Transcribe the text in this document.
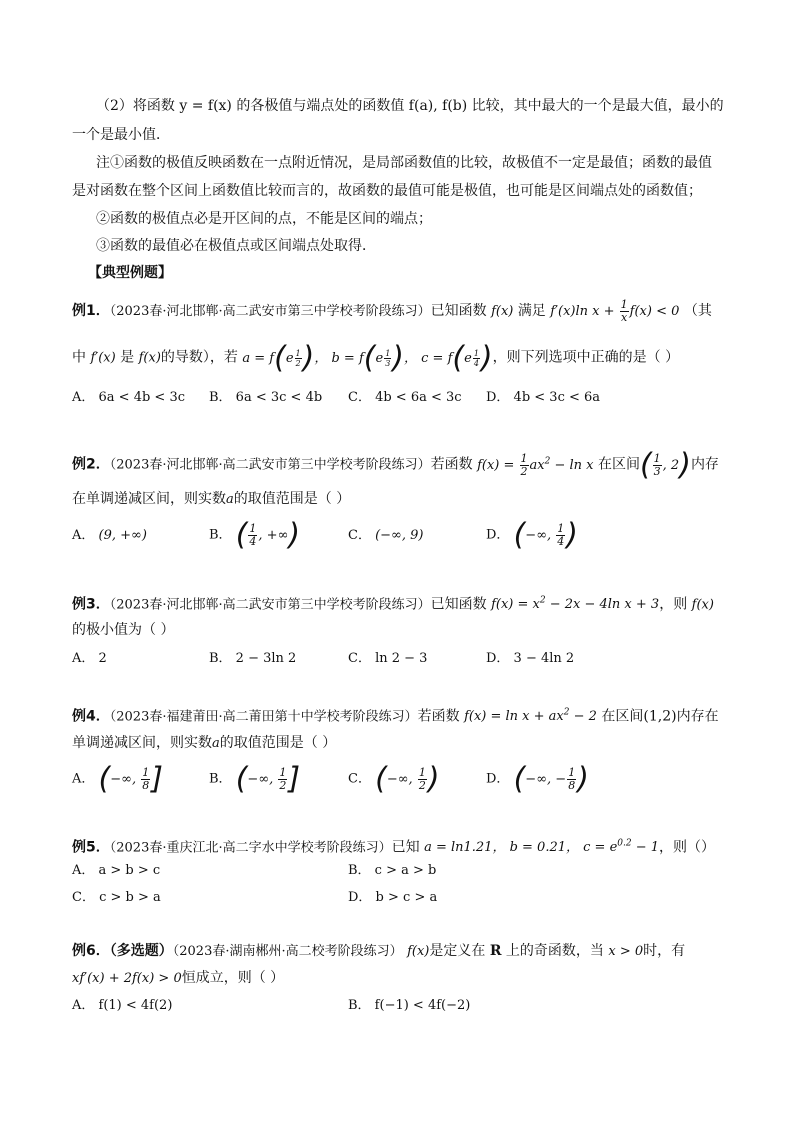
（2）将函数 y = f(x) 的各极值与端点处的函数值 f(a), f(b) 比较，其中最大的一个是最大值，最小的
一个是最小值．
注①函数的极值反映函数在一点附近情况，是局部函数值的比较，故极值不一定是最值；函数的最值
是对函数在整个区间上函数值比较而言的，故函数的最值可能是极值，也可能是区间端点处的函数值；
②函数的极值点必是开区间的点，不能是区间的端点；
③函数的最值必在极值点或区间端点处取得．
【典型例题】
例1．（2023春·河北邯郸·高二武安市第三中学校考阶段练习）已知函数 f(x) 满足 f′(x)ln $x + \frac{1}{x} f(x) < 0$ （其
中 f′(x) 是 f(x)的导数），若 $a = f(e \frac{1}{2}$ )， $b = f(e \frac{1}{3}$ )， $c = f(e \frac{1}{4}$ )，则下列选项中正确的是（ ）
A． 6a < 4b < 3c B． 6a < 3c < 4b C． 4b < 6a < 3c D． 4b < 3c < 6a
例2．（2023春·河北邯郸·高二武安市第三中学校考阶段练习）若函数 $f(x) = \frac{1}{2} ax^2 - \ln x$ 在区间( $\frac{1}{3}$ , 2)内存
在单调递减区间，则实数a的取值范围是（ ）
A． (9, +∞)	B． ( $\frac{1}{4}$ , +∞)	C． (−∞, 9)	D． (−∞, $\frac{1}{4}$ )
例3．（2023春·河北邯郸·高二武安市第三中学校考阶段练习）已知函数 $f(x) = x^2 - 2x - 4\ln$ x + 3，则 f(x)
的极小值为（ ）
A． 2	B． 2 − 3ln 2	C． ln 2 − 3	D． 3 − 4ln 2
例4．（2023春·福建莆田·高二莆田第十中学校考阶段练习）若函数 $f(x) = \ln x + ax^2 - 2$ 在区间(1,2)内存在
单调递减区间，则实数a的取值范围是（ ）
A． (−∞, $\frac{1}{8}$ ]	B． (−∞, $\frac{1}{2}$ ]	C． (−∞, $\frac{1}{2}$ )	D． (−∞, − $\frac{1}{8}$ )
例5．（2023春·重庆江北·高二字水中学校考阶段练习）已知 a = ln1.21， b = 0.21， $c = e^{0.2} - 1$，则（）
A． a > b > c	B． c > a > b
C． c > b > a	D． b > c > a
例6．（多选题）（2023春·湖南郴州·高二校考阶段练习） f(x)是定义在 R 上的奇函数，当 x > 0时，有
xf′(x) + 2f(x) > 0恒成立，则（ ）
A． f(1) < 4f(2)	B． f(−1) < 4f(−2)
